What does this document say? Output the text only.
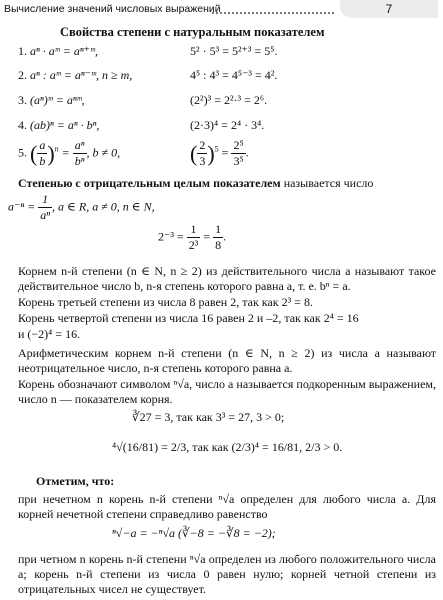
Вычисление значений числовых выражений	7
Свойства степени с натуральным показателем
1. aⁿ · aᵐ = aⁿ⁺ᵐ,	5² · 5³ = 5²⁺³ = 5⁵.
2. aⁿ : aᵐ = aⁿ⁻ᵐ, n ≥ m,	4⁵ : 4³ = 4⁵⁻³ = 4².
3. (aⁿ)ᵐ = aⁿᵐ,	(2²)³ = 2²·³ = 2⁶.
4. (ab)ⁿ = aⁿ · bⁿ,	(2·3)⁴ = 2⁴ · 3⁴.
5. ( $\frac{a}{b} )^n = \frac{\text{aⁿ}}{\text{bⁿ}}$ , b ≠ 0,	( $\frac{2}{3} )^5 = \frac{\text{2⁵}}{\text{3⁵}}$ .
Степенью с отрицательным целым показателем называется число
$a^{-n} = \frac{1}{\text{aⁿ}}$ , a ∈ R, a ≠ 0, n ∈ N,
$2^{-3} = \frac{1}{\text{2³}} = \frac{1}{8}$ .
Корнем n-й степени (n ∈ N, n ≥ 2) из действительного числа a называют такое действительное число b, n-я степень которого равна a, т. е. bⁿ = a.
Корень третьей степени из числа 8 равен 2, так как 2³ = 8.
Корень четвертой степени из числа 16 равен 2 и –2, так как 2⁴ = 16
и (−2)⁴ = 16.
Арифметическим корнем n-й степени (n ∈ N, n ≥ 2) из числа a называют неотрицательное число, n-я степень которого равна a.
Корень обозначают символом ⁿ√a, число a называется подкоренным выражением, число n — показателем корня.
∛27 = 3, так как 3³ = 27, 3 > 0;
⁴√(16/81) = 2/3, так как (2/3)⁴ = 16/81, 2/3 > 0.
Отметим, что:
при нечетном n корень n-й степени ⁿ√a определен для любого числа a. Для корней нечетной степени справедливо равенство
ⁿ√−a = −ⁿ√a (∛−8 = −∛8 = −2);
при четном n корень n-й степени ⁿ√a определен из любого положительного числа a; корень n-й степени из числа 0 равен нулю; корней четной степени из отрицательных чисел не существует.
